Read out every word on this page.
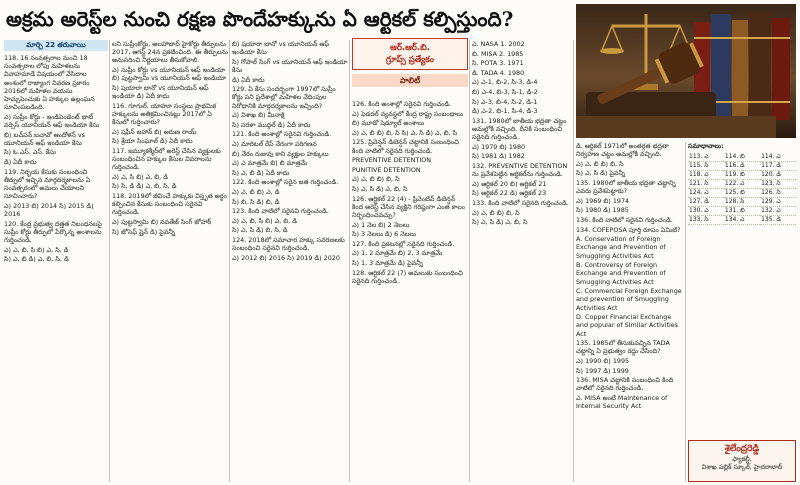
అక్రమ అరెస్ట్‌ల నుంచి రక్షణ పొందేహక్కును ఏ ఆర్టికల్‌ కల్పిస్తుంది?
మార్చి 22 తరువాయి

118. 16 సంవత్సరాల నుంచి 18 సంవత్సరాల లోపు మహిళలను వివాహమాడే విషయంలో వేసిదాల అంశంలో రాజ్యాంగ వివరణ ప్రకారం 2016లో మహిళల వయసు హెచ్చుపెంచుకు ఏ హక్కుల ఉల్లంఘన సూచింపబడింది.

ఎ) సుప్రీం కోర్టు - ఇండిపెండెంట్ థాట్ వర్సెస్ యూనియన్ ఆఫ్ ఇండియా కేసు

బి) బచ్‌పన్ బచావో ఆందోళన్ vs యూనియన్ ఆఫ్ ఇండియా కేసు

సి) ఓ.ఎస్. ఎస్. కేసు

డి) ఏదీ కాదు

119. నిర్భయ కేసుకు సంబంధించి తీర్పులో ఇచ్చిన మార్గదర్శకాలను ఏ సంవత్సరంలో అమలు చేయాలని సూచించారు?

ఎ) 2013 బి) 2014 సి) 2015 డి) 2016

120. కేంద్ర ప్రభుత్వ దత్తత నిబంధనలపై సుప్రీం కోర్టు తీర్పులో పేర్కొన్న అంశాలను గుర్తించండి.

ఎ) ఎ, బి, సి బి) ఎ, సి, డి

సి) ఎ, బి డి) ఎ, బి, సి, డి

లని సుప్రీంకోర్టు, అలహాబాద్ హైకోర్టు తీర్పులను 2017, ఆగస్ట్ 24న ప్రకటించింది. ఈ తీర్పులను అనుసరించి నిర్ణయాలు తీసుకోవాలి.

ఎ) సుప్రీం కోర్టు vs యూనియన్ ఆఫ్ ఇండియా బి) పుట్టస్వామి vs యూనియన్ ఆఫ్ ఇండియా

సి) షయారా బానో vs యూనియన్ ఆఫ్ ఇండియా డి) ఏదీ కాదు

116. గూగుల్, యాహూ సంస్థలు ప్రాథమిక హక్కులను అతిక్రమించినట్లు 2017లో ఏ కేసులో గుర్తించారు?

ఎ) షఫీన్ జహాన్ బి) అరుణ రాయ్

సి) శ్రేయా సింఘాల్ డి) ఏదీ కాదు

117. జమ్మూకశ్మీర్‌లో అరెస్ట్ చేసిన వ్యక్తులకు సంబంధించిన హక్కుల కేసుల వివరాలను గుర్తించండి.

ఎ) ఎ, సి బి) ఎ, బి, డి

సి) సి, డి డి) ఎ, బి, సి, డి

118. 2019లో జీవించే హక్కుకు విస్తృత అర్థం కల్పించిన కేసుకు సంబంధించి సరైనవి గుర్తించండి.

ఎ) పుట్టస్వామి బి) నవతేజ్ సింగ్ జోహార్

సి) జోసెఫ్ షైన్ డి) పైవన్నీ

బి) షయారా బానో vs యూనియన్ ఆఫ్ ఇండియా కేసు

సి) గోపాల్ సింగ్ vs యూనియన్ ఆఫ్ ఇండియా కేసు

డి) ఏదీ కాదు

129. ఏ కేసు సందర్భంగా 1997లో సుప్రీం కోర్టు పని ప్రదేశాల్లో మహిళల వేధింపుల నిరోధానికి మార్గదర్శకాలను ఇచ్చింది?

ఎ) విశాఖ బి) మీనాక్షి

సి) సరళా ముద్గల్ డి) ఏదీ కాదు

121. కింది అంశాల్లో సరైనవి గుర్తించండి.

ఎ) మారిటల్ రేప్ నేరంగా పరిగణన

బి) నేరం రుజువు కాని వ్యక్తుల హక్కులు

ఎ) ఎ మాత్రమే బి) బి మాత్రమే

సి) ఎ, బి డి) ఏదీ కాదు

122. కింది అంశాల్లో సరైన జత గుర్తించండి.

ఎ) ఎ, బి బి) ఎ, డి

సి) బి, సి డి) బి, డి

123. కింది వాటిలో సరైనవి గుర్తించండి.

ఎ) ఎ, బి, సి బి) ఎ, బి, డి

సి) ఎ, సి డి) బి, సి, డి

124. 2018లో సమాచార హక్కు సవరణలకు సంబంధించి సరైనవి గుర్తించండి.

ఎ) 2012 బి) 2016 సి) 2019 డి) 2020

ఆర్.ఆర్.బి.
గ్రూప్స్ ప్రత్యేకం
పాలిటీ

126. కింది అంశాల్లో సరైనవి గుర్తించండి.

ఎ) ఫెడరల్ వ్యవస్థలో కేంద్ర రాష్ట్ర సంబంధాలు

బి) మూడో షెడ్యూల్ అంశాలు

ఎ) ఎ, బి బి) బి, సి సి) ఎ, సి డి) ఎ, బి, సి

125. ప్రివెన్షన్ డిటెన్షన్ చట్టానికి సంబంధించి కింది వాటిలో సరైనది గుర్తించండి.

PREVENTIVE DETENTION

PUNITIVE DETENTION

ఎ) ఎ, బి బి) బి, సి

సి) ఎ, సి డి) ఎ, బి, సి

126. ఆర్టికల్ 22 (4) - ప్రివెంటివ్ డిటెన్షన్ కింద అరెస్ట్ చేసిన వ్యక్తిని గరిష్ఠంగా ఎంత కాలం నిర్బంధించవచ్చు?

ఎ) 1 నెల బి) 2 నెలలు

సి) 3 నెలలు డి) 6 నెలలు

127. కింది ప్రకటనల్లో సరైనది గుర్తించండి.

ఎ) 1, 2 మాత్రమే బి) 2, 3 మాత్రమే

సి) 1, 3 మాత్రమే డి) పైవన్నీ

128. ఆర్టికల్ 22 (7) అమలుకు సంబంధించి సరైనది గుర్తించండి.

ఎ. NASA 1. 2002

బి. MISA 2. 1985

సి. POTA 3. 1971

డి. TADA 4. 1980

ఎ) ఎ-1, బి-2, సి-3, డి-4

బి) ఎ-4, బి-3, సి-1, డి-2

సి) ఎ-3, బి-4, సి-2, డి-1

డి) ఎ-2, బి-1, సి-4, డి-3

131. 1980లో జాతీయ భద్రతా చట్టం అమల్లోకి వచ్చింది. దీనికి సంబంధించి సరైనది గుర్తించండి.

ఎ) 1979 బి) 1980

సి) 1981 డి) 1982

132. PREVENTIVE DETENTION ను ప్రవేశపెట్టిన ఆర్టికల్‌ను గుర్తించండి.

ఎ) ఆర్టికల్ 20 బి) ఆర్టికల్ 21

సి) ఆర్టికల్ 22 డి) ఆర్టికల్ 23

133. కింది వాటిలో సరైనది గుర్తించండి.

ఎ) ఎ, బి బి) బి, సి

సి) ఎ, సి డి) ఎ, బి, సి

డి. ఆర్టికల్ 1971లో అంతర్గత భద్రతా నిర్వహణ చట్టం అమల్లోకి వచ్చింది.

ఎ) ఎ, బి బి) బి, సి

సి) ఎ, సి డి) పైవన్నీ

135. 1980లో జాతీయ భద్రతా చట్టాన్ని ఎవరు ప్రవేశపెట్టారు?

ఎ) 1969 బి) 1974

సి) 1980 డి) 1985

136. కింది వాటిలో సరైనవి గుర్తించండి.

134. COFEPOSA పూర్తి రూపం ఏమిటి?

A. Conservation of Foreign Exchange and Prevention of Smuggling Activities Act

B. Controversy of Foreign Exchange and Prevention of Smuggling Activities Act

C. Commercial Foreign Exchange and prevention of Smuggling Activities Act

D. Copper Financial Exchange and popular of Similar Activities Act

135. 1985లో తీసుకువచ్చిన TADA చట్టాన్ని ఏ ప్రభుత్వం రద్దు చేసింది?

ఎ) 1990 బి) 1995

సి) 1997 డి) 1999

136. MISA చట్టానికి సంబంధించి కింది వాటిలో సరైనది గుర్తించండి.

ఎ. MISA అంటే Maintenance of Internal Security Act

సమాధానాలు:

113. ఎ	114. బి	114. ఎ
115. సి	116. డి	117. డి
118. ఎ	119. బి	120. డి
121. సి	122. ఎ	123. సి
124. ఎ	125. బి	126. సి
127. డి	128. సి	129. ఎ
130. ఎ	131. బి	132. ఎ
133. సి	134. ఎ	135. డి
శైలేంద్రరెడ్డి
ఫ్యాకల్టీ,
విశాఖ పబ్లిక్ స్కూల్, హైదరాబాద్
